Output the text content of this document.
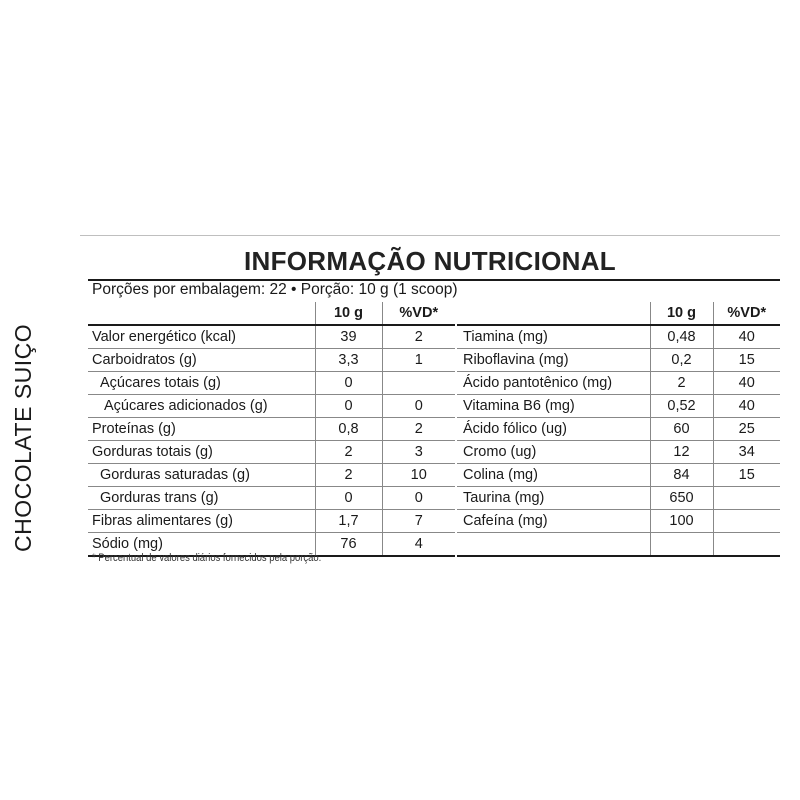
CHOCOLATE SUIÇO
INFORMAÇÃO NUTRICIONAL
Porções por embalagem: 22 • Porção: 10 g (1 scoop)
	10 g	%VD*
Valor energético (kcal)	39	2
Carboidratos (g)	3,3	1
Açúcares totais (g)	0	
Açúcares adicionados (g)	0	0
Proteínas (g)	0,8	2
Gorduras totais (g)	2	3
Gorduras saturadas (g)	2	10
Gorduras trans (g)	0	0
Fibras alimentares (g)	1,7	7
Sódio (mg)	76	4
	10 g	%VD*
Tiamina (mg)	0,48	40
Riboflavina (mg)	0,2	15
Ácido pantotênico (mg)	2	40
Vitamina B6 (mg)	0,52	40
Ácido fólico (ug)	60	25
Cromo (ug)	12	34
Colina (mg)	84	15
Taurina (mg)	650	
Cafeína (mg)	100	

* Percentual de valores diários fornecidos pela porção.
